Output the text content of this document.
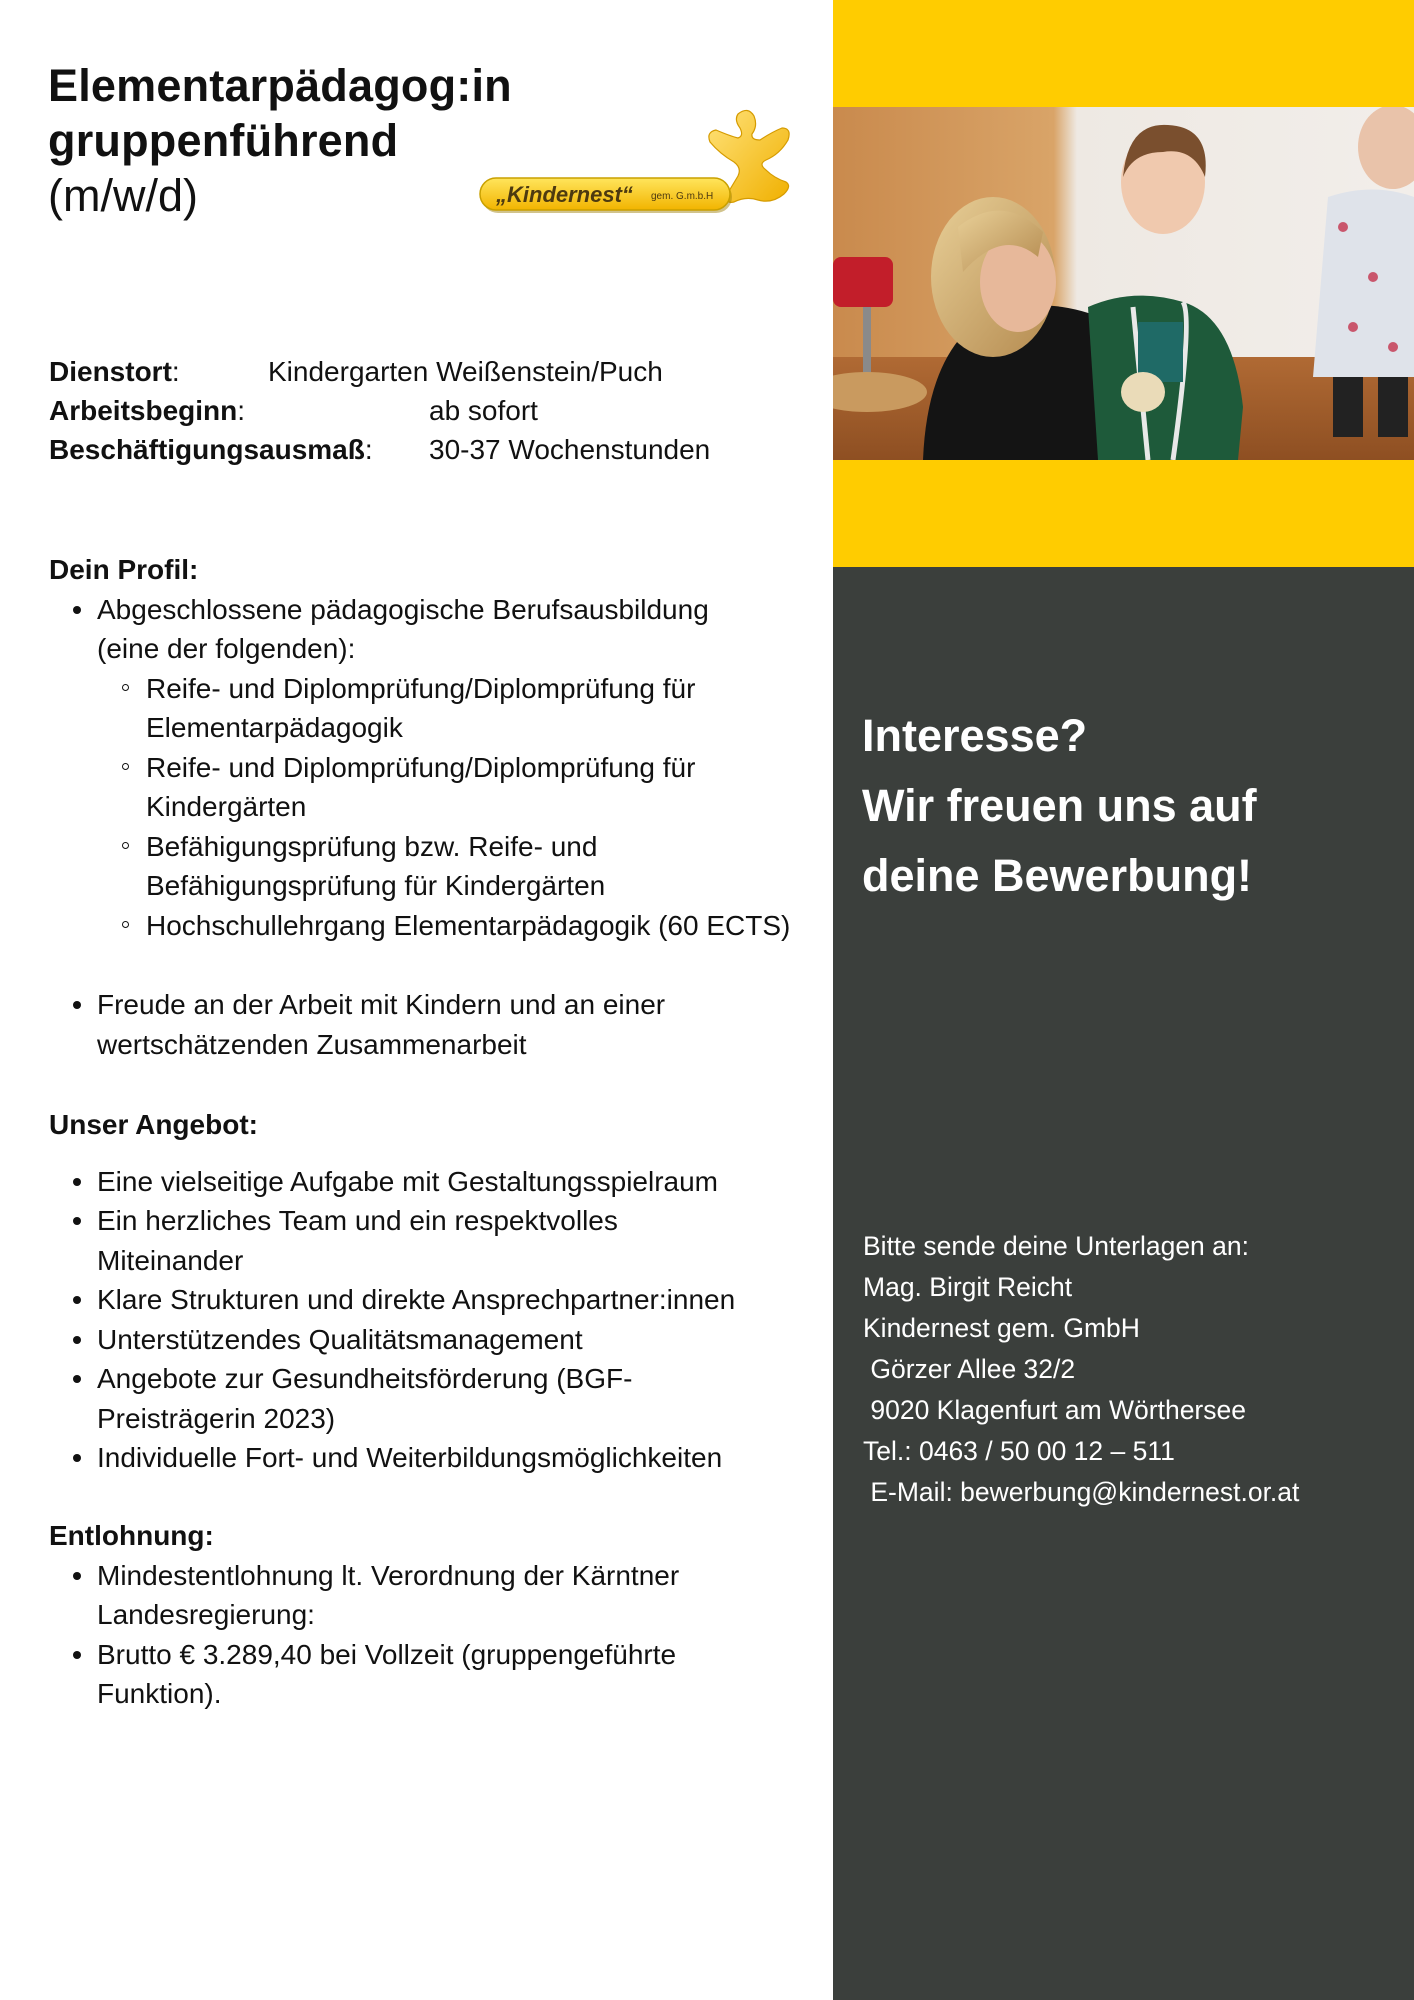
Elementarpädagog:in
gruppenführend
(m/w/d)	„Kindernest“ gem. G.m.b.H
Dienstort:	Kindergarten Weißenstein/Puch
Arbeitsbeginn:	ab sofort
Beschäftigungsausmaß: 30-37 Wochenstunden
Dein Profil:
Abgeschlossene pädagogische Berufsausbildung
(eine der folgenden):
Reife- und Diplomprüfung/Diplomprüfung für
Elementarpädagogik
Reife- und Diplomprüfung/Diplomprüfung für
Kindergärten
Befähigungsprüfung bzw. Reife- und
Befähigungsprüfung für Kindergärten
Hochschullehrgang Elementarpädagogik (60 ECTS)
Freude an der Arbeit mit Kindern und an einer
wertschätzenden Zusammenarbeit
Unser Angebot:
Eine vielseitige Aufgabe mit Gestaltungsspielraum
Ein herzliches Team und ein respektvolles
Miteinander
Klare Strukturen und direkte Ansprechpartner:innen
Unterstützendes Qualitätsmanagement
Angebote zur Gesundheitsförderung (BGF-
Preisträgerin 2023)
Individuelle Fort- und Weiterbildungsmöglichkeiten
Entlohnung:
Mindestentlohnung lt. Verordnung der Kärntner
Landesregierung:
Brutto € 3.289,40 bei Vollzeit (gruppengeführte
Funktion).
Interesse?
Wir freuen uns auf
deine Bewerbung!
Bitte sende deine Unterlagen an:
Mag. Birgit Reicht
Kindernest gem. GmbH
Görzer Allee 32/2
9020 Klagenfurt am Wörthersee
Tel.: 0463 / 50 00 12 – 511
E-Mail: bewerbung@kindernest.or.at
